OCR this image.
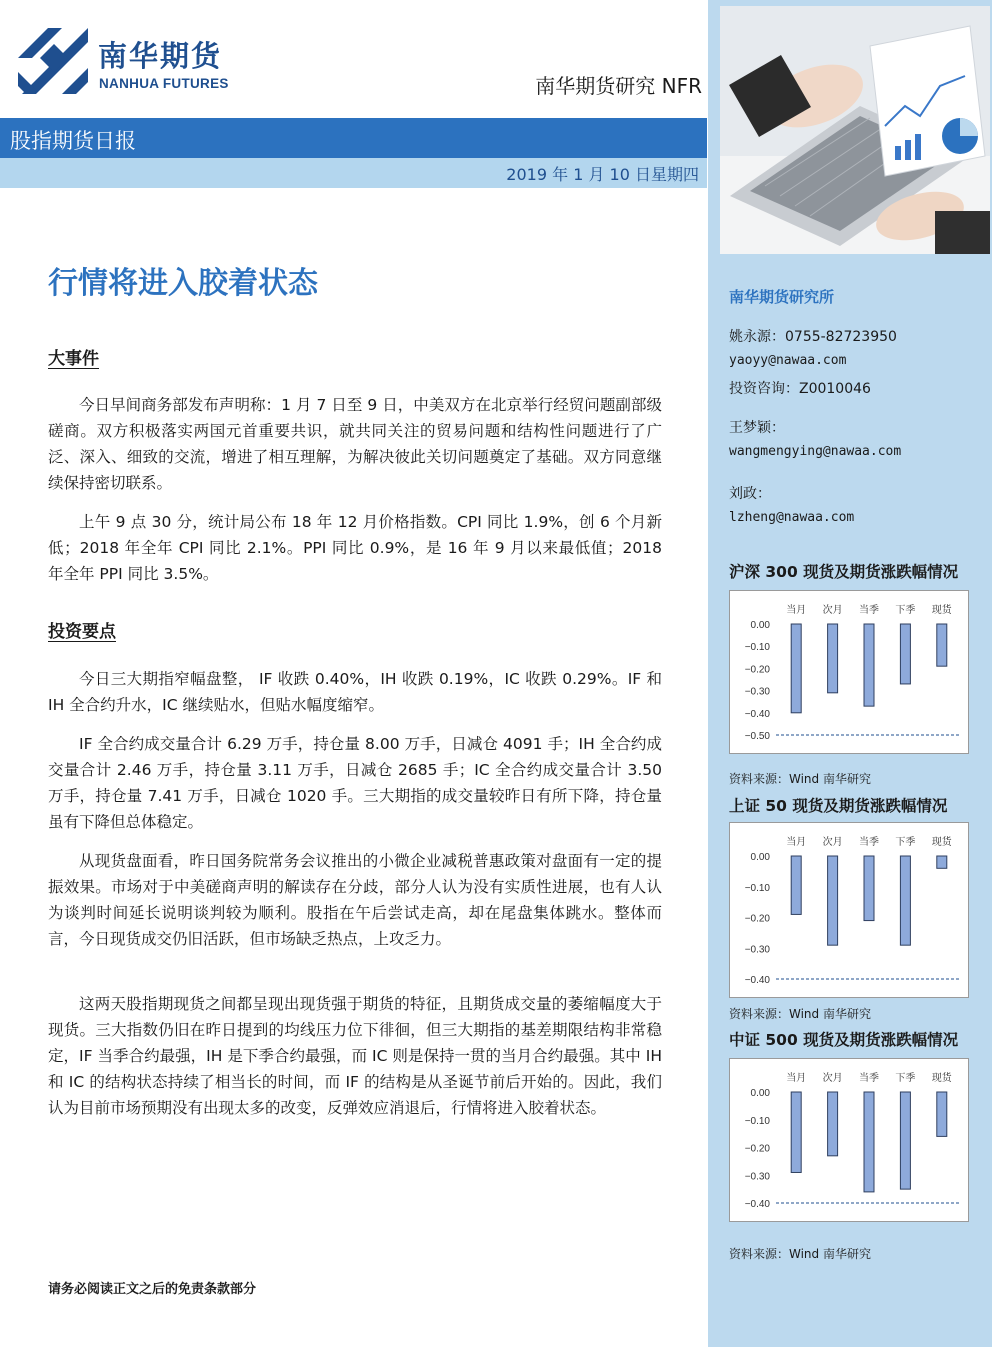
南华期货
NANHUA FUTURES	南华期货研究 NFR
股指期货日报
2019 年 1 月 10 日星期四
行情将进入胶着状态
大事件

今日早间商务部发布声明称：1 月 7 日至 9 日，中美双方在北京举行经贸问题副部级磋商。双方积极落实两国元首重要共识，就共同关注的贸易问题和结构性问题进行了广泛、深入、细致的交流，增进了相互理解，为解决彼此关切问题奠定了基础。双方同意继续保持密切联系。

上午 9 点 30 分，统计局公布 18 年 12 月价格指数。CPI 同比 1.9%，创 6 个月新低；2018 年全年 CPI 同比 2.1%。PPI 同比 0.9%，是 16 年 9 月以来最低值；2018 年全年 PPI 同比 3.5%。

投资要点

今日三大期指窄幅盘整， IF 收跌 0.40%，IH 收跌 0.19%，IC 收跌 0.29%。IF 和 IH 全合约升水，IC 继续贴水，但贴水幅度缩窄。

IF 全合约成交量合计 6.29 万手，持仓量 8.00 万手，日减仓 4091 手；IH 全合约成交量合计 2.46 万手，持仓量 3.11 万手，日减仓 2685 手；IC 全合约成交量合计 3.50 万手，持仓量 7.41 万手，日减仓 1020 手。三大期指的成交量较昨日有所下降，持仓量虽有下降但总体稳定。

从现货盘面看，昨日国务院常务会议推出的小微企业减税普惠政策对盘面有一定的提振效果。市场对于中美磋商声明的解读存在分歧，部分人认为没有实质性进展，也有人认为谈判时间延长说明谈判较为顺利。股指在午后尝试走高，却在尾盘集体跳水。整体而言，今日现货成交仍旧活跃，但市场缺乏热点，上攻乏力。

这两天股指期现货之间都呈现出现货强于期货的特征，且期货成交量的萎缩幅度大于现货。三大指数仍旧在昨日提到的均线压力位下徘徊，但三大期指的基差期限结构非常稳定，IF 当季合约最强，IH 是下季合约最强，而 IC 则是保持一贯的当月合约最强。其中 IH 和 IC 的结构状态持续了相当长的时间，而 IF 的结构是从圣诞节前后开始的。因此，我们认为目前市场预期没有出现太多的改变，反弹效应消退后，行情将进入胶着状态。

请务必阅读正文之后的免责条款部分
南华期货研究所
姚永源：0755-82723950
yaoyy@nawaa.com
投资咨询：Z0010046
王梦颖：
wangmengying@nawaa.com
刘政：
lzheng@nawaa.com
沪深 300 现货及期货涨跌幅情况
0.00
−0.10
−0.20
−0.30
−0.40
−0.50
当月 次月 当季 下季 现货
资料来源：Wind 南华研究
上证 50 现货及期货涨跌幅情况
0.00
−0.10
−0.20
−0.30
−0.40
当月 次月 当季 下季 现货
资料来源：Wind 南华研究
中证 500 现货及期货涨跌幅情况
0.00
−0.10
−0.20
−0.30
−0.40
当月 次月 当季 下季 现货
资料来源：Wind 南华研究
